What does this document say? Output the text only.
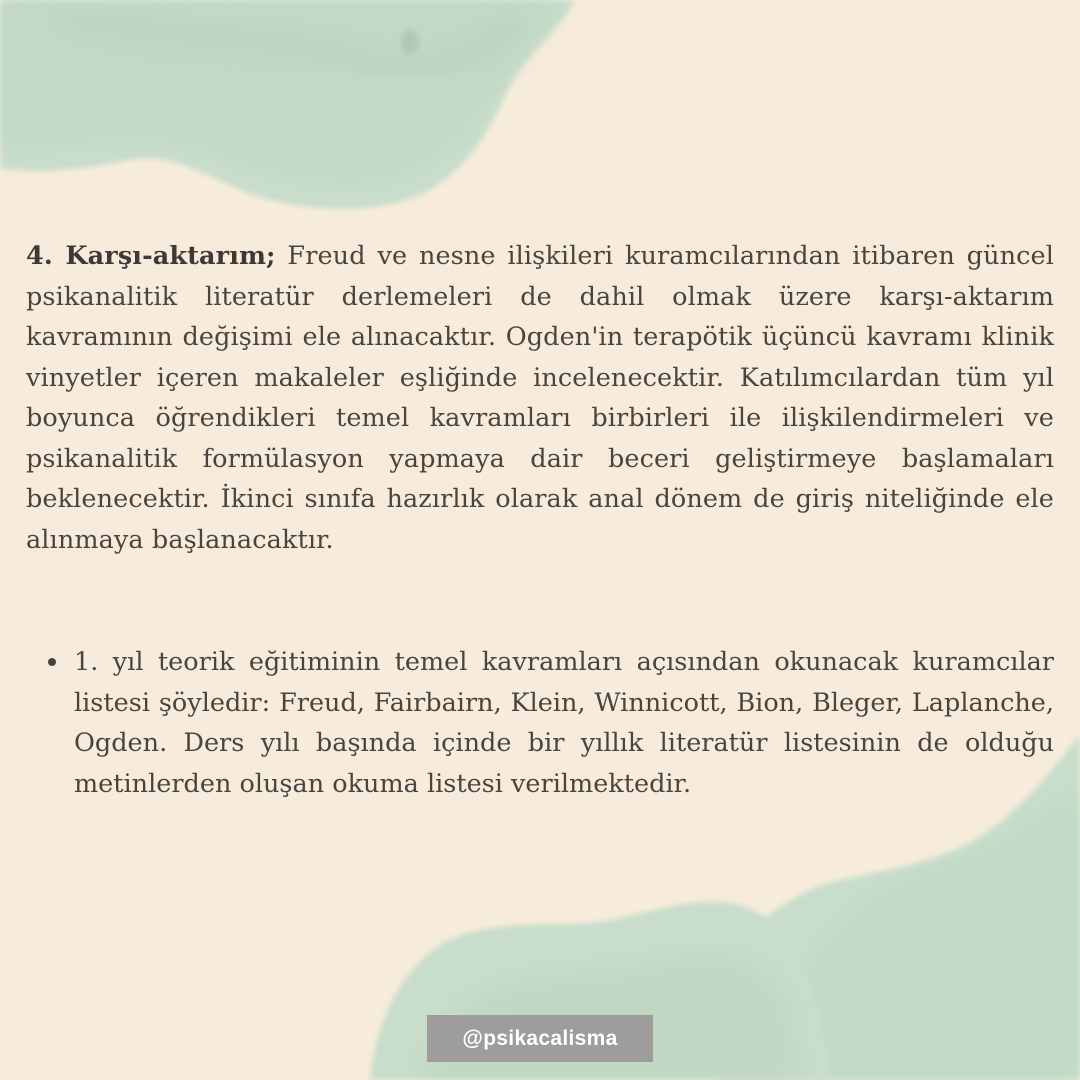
4. Karşı-aktarım; Freud ve nesne ilişkileri kuramcılarından itibaren güncel psikanalitik literatür derlemeleri de dahil olmak üzere karşı-aktarım kavramının değişimi ele alınacaktır. Ogden'in terapötik üçüncü kavramı klinik vinyetler içeren makaleler eşliğinde incelenecektir. Katılımcılardan tüm yıl boyunca öğrendikleri temel kavramları birbirleri ile ilişkilendirmeleri ve psikanalitik formülasyon yapmaya dair beceri geliştirmeye başlamaları beklenecektir. İkinci sınıfa hazırlık olarak anal dönem de giriş niteliğinde ele alınmaya başlanacaktır.

1. yıl teorik eğitiminin temel kavramları açısından okunacak kuramcılar listesi şöyledir: Freud, Fairbairn, Klein, Winnicott, Bion, Bleger, Laplanche, Ogden. Ders yılı başında içinde bir yıllık literatür listesinin de olduğu metinlerden oluşan okuma listesi verilmektedir.
@psikacalisma
